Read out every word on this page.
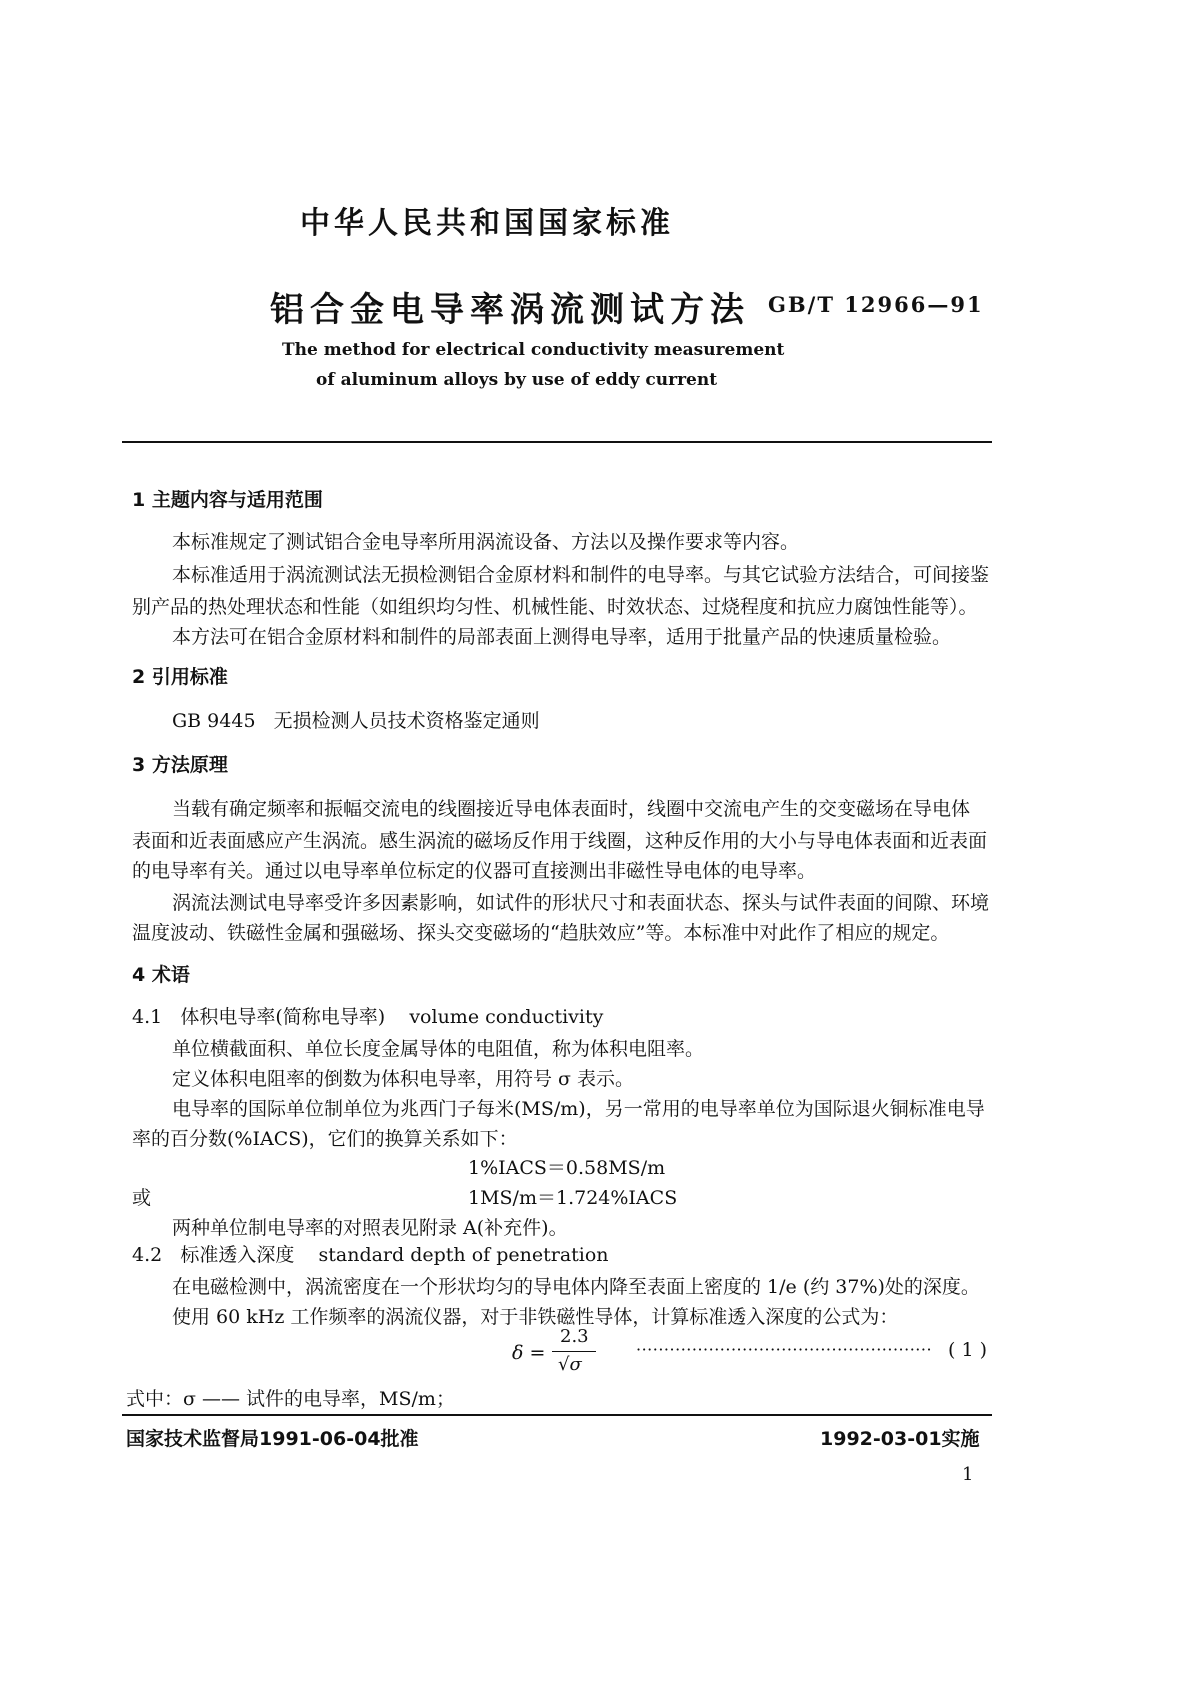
中华人民共和国国家标准
铝合金电导率涡流测试方法 GB/T 12966—91
The method for electrical conductivity measurement
of aluminum alloys by use of eddy current
1 主题内容与适用范围
本标准规定了测试铝合金电导率所用涡流设备、方法以及操作要求等内容。
本标准适用于涡流测试法无损检测铝合金原材料和制件的电导率。与其它试验方法结合，可间接鉴
别产品的热处理状态和性能（如组织均匀性、机械性能、时效状态、过烧程度和抗应力腐蚀性能等）。
本方法可在铝合金原材料和制件的局部表面上测得电导率，适用于批量产品的快速质量检验。
2 引用标准
GB 9445   无损检测人员技术资格鉴定通则
3 方法原理
当载有确定频率和振幅交流电的线圈接近导电体表面时，线圈中交流电产生的交变磁场在导电体
表面和近表面感应产生涡流。感生涡流的磁场反作用于线圈，这种反作用的大小与导电体表面和近表面
的电导率有关。通过以电导率单位标定的仪器可直接测出非磁性导电体的电导率。
涡流法测试电导率受许多因素影响，如试件的形状尺寸和表面状态、探头与试件表面的间隙、环境
温度波动、铁磁性金属和强磁场、探头交变磁场的“趋肤效应”等。本标准中对此作了相应的规定。
4 术语
4.1   体积电导率(简称电导率)    volume conductivity
单位横截面积、单位长度金属导体的电阻值，称为体积电阻率。
定义体积电阻率的倒数为体积电导率，用符号 σ 表示。
电导率的国际单位制单位为兆西门子每米(MS/m)，另一常用的电导率单位为国际退火铜标准电导
率的百分数(%IACS)，它们的换算关系如下：
1%IACS＝0.58MS/m
或	1MS/m＝1.724%IACS
两种单位制电导率的对照表见附录 A(补充件)。
4.2   标准透入深度    standard depth of penetration
在电磁检测中，涡流密度在一个形状均匀的导电体内降至表面上密度的 1/e (约 37%)处的深度。
使用 60 kHz 工作频率的涡流仪器，对于非铁磁性导体，计算标准透入深度的公式为：
δ =
2.3
√σ
····················································· ( 1 )
式中：σ —— 试件的电导率，MS/m；
国家技术监督局1991-06-04批准	1992-03-01实施
1
